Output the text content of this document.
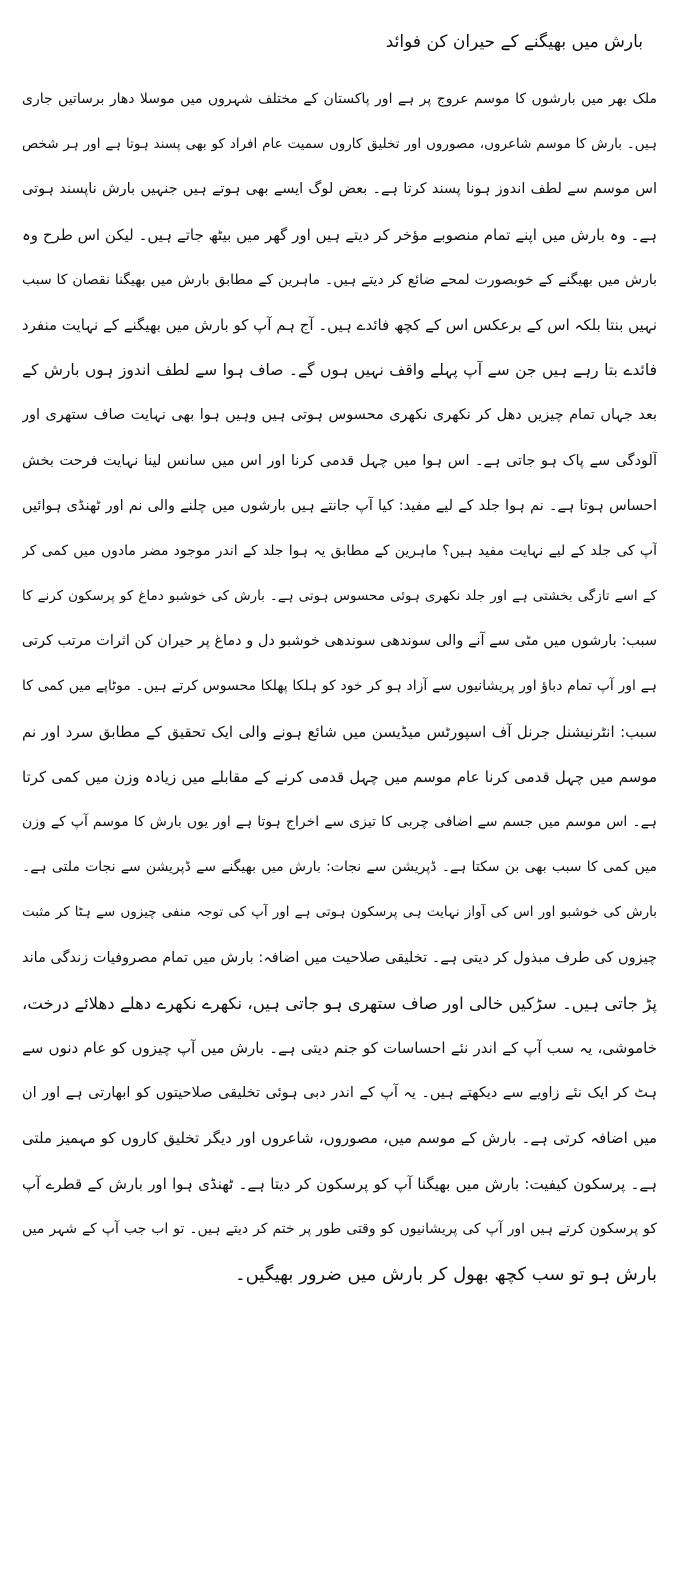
بارش میں بھیگنے کے حیران کن فوائد
ملک بھر میں بارشوں کا موسم عروج پر ہے اور پاکستان کے مختلف شہروں میں موسلا دھار برساتیں جاری
ہیں۔ بارش کا موسم شاعروں، مصوروں اور تخلیق کاروں سمیت عام افراد کو بھی پسند ہوتا ہے اور ہر شخص
اس موسم سے لطف اندوز ہونا پسند کرتا ہے۔ بعض لوگ ایسے بھی ہوتے ہیں جنہیں بارش ناپسند ہوتی
ہے۔ وہ بارش میں اپنے تمام منصوبے مؤخر کر دیتے ہیں اور گھر میں بیٹھ جاتے ہیں۔ لیکن اس طرح وہ
بارش میں بھیگنے کے خوبصورت لمحے ضائع کر دیتے ہیں۔ ماہرین کے مطابق بارش میں بھیگنا نقصان کا سبب
نہیں بنتا بلکہ اس کے برعکس اس کے کچھ فائدے ہیں۔ آج ہم آپ کو بارش میں بھیگنے کے نہایت منفرد
فائدے بتا رہے ہیں جن سے آپ پہلے واقف نہیں ہوں گے۔ صاف ہوا سے لطف اندوز ہوں بارش کے
بعد جہاں تمام چیزیں دھل کر نکھری نکھری محسوس ہوتی ہیں وہیں ہوا بھی نہایت صاف ستھری اور
آلودگی سے پاک ہو جاتی ہے۔ اس ہوا میں چہل قدمی کرنا اور اس میں سانس لینا نہایت فرحت بخش
احساس ہوتا ہے۔ نم ہوا جلد کے لیے مفید: کیا آپ جانتے ہیں بارشوں میں چلنے والی نم اور ٹھنڈی ہوائیں
آپ کی جلد کے لیے نہایت مفید ہیں؟ ماہرین کے مطابق یہ ہوا جلد کے اندر موجود مضر مادوں میں کمی کر
کے اسے تازگی بخشتی ہے اور جلد نکھری ہوئی محسوس ہوتی ہے۔ بارش کی خوشبو دماغ کو پرسکون کرنے کا
سبب: بارشوں میں مٹی سے آنے والی سوندھی سوندھی خوشبو دل و دماغ پر حیران کن اثرات مرتب کرتی
ہے اور آپ تمام دباؤ اور پریشانیوں سے آزاد ہو کر خود کو ہلکا پھلکا محسوس کرتے ہیں۔ موٹاپے میں کمی کا
سبب: انٹرنیشنل جرنل آف اسپورٹس میڈیسن میں شائع ہونے والی ایک تحقیق کے مطابق سرد اور نم
موسم میں چہل قدمی کرنا عام موسم میں چہل قدمی کرنے کے مقابلے میں زیادہ وزن میں کمی کرتا
ہے۔ اس موسم میں جسم سے اضافی چربی کا تیزی سے اخراج ہوتا ہے اور یوں بارش کا موسم آپ کے وزن
میں کمی کا سبب بھی بن سکتا ہے۔ ڈپریشن سے نجات: بارش میں بھیگنے سے ڈپریشن سے نجات ملتی ہے۔
بارش کی خوشبو اور اس کی آواز نہایت ہی پرسکون ہوتی ہے اور آپ کی توجہ منفی چیزوں سے ہٹا کر مثبت
چیزوں کی طرف مبذول کر دیتی ہے۔ تخلیقی صلاحیت میں اضافہ: بارش میں تمام مصروفیات زندگی ماند
پڑ جاتی ہیں۔ سڑکیں خالی اور صاف ستھری ہو جاتی ہیں، نکھرے نکھرے دھلے دھلائے درخت،
خاموشی، یہ سب آپ کے اندر نئے احساسات کو جنم دیتی ہے۔ بارش میں آپ چیزوں کو عام دنوں سے
ہٹ کر ایک نئے زاویے سے دیکھتے ہیں۔ یہ آپ کے اندر دبی ہوئی تخلیقی صلاحیتوں کو ابھارتی ہے اور ان
میں اضافہ کرتی ہے۔ بارش کے موسم میں، مصوروں، شاعروں اور دیگر تخلیق کاروں کو مہمیز ملتی
ہے۔ پرسکون کیفیت: بارش میں بھیگنا آپ کو پرسکون کر دیتا ہے۔ ٹھنڈی ہوا اور بارش کے قطرے آپ
کو پرسکون کرتے ہیں اور آپ کی پریشانیوں کو وقتی طور پر ختم کر دیتے ہیں۔ تو اب جب آپ کے شہر میں
بارش ہو تو سب کچھ بھول کر بارش میں ضرور بھیگیں۔
